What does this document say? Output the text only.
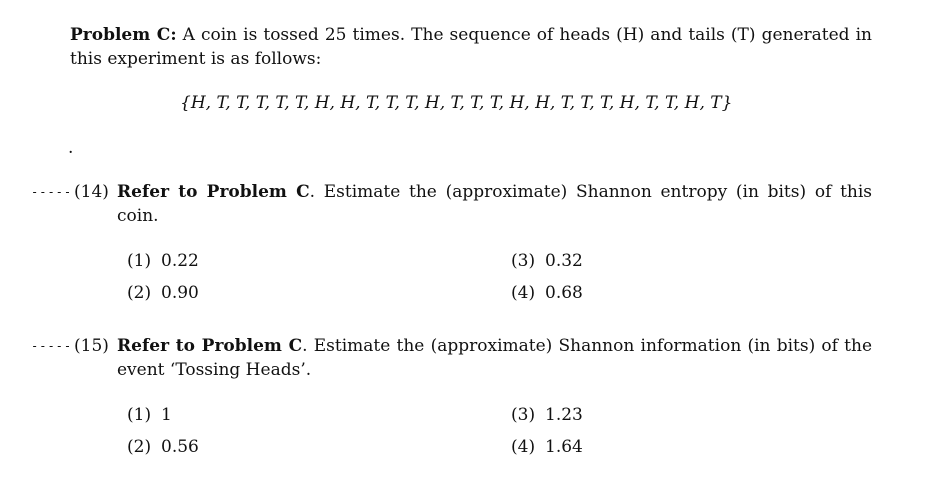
Problem C: A coin is tossed 25 times. The sequence of heads (H) and tails (T) generated in this experiment is as follows:
{H, T, T, T, T, T, H, H, T, T, T, H, T, T, T, H, H, T, T, T, H, T, T, H, T}
.
----- (14) Refer to Problem C. Estimate the (approximate) Shannon entropy (in bits) of this coin.
(1) 0.22
(2) 0.90
(3) 0.32
(4) 0.68
----- (15) Refer to Problem C. Estimate the (approximate) Shannon information (in bits) of the event ‘Tossing Heads’.
(1) 1
(2) 0.56
(3) 1.23
(4) 1.64
